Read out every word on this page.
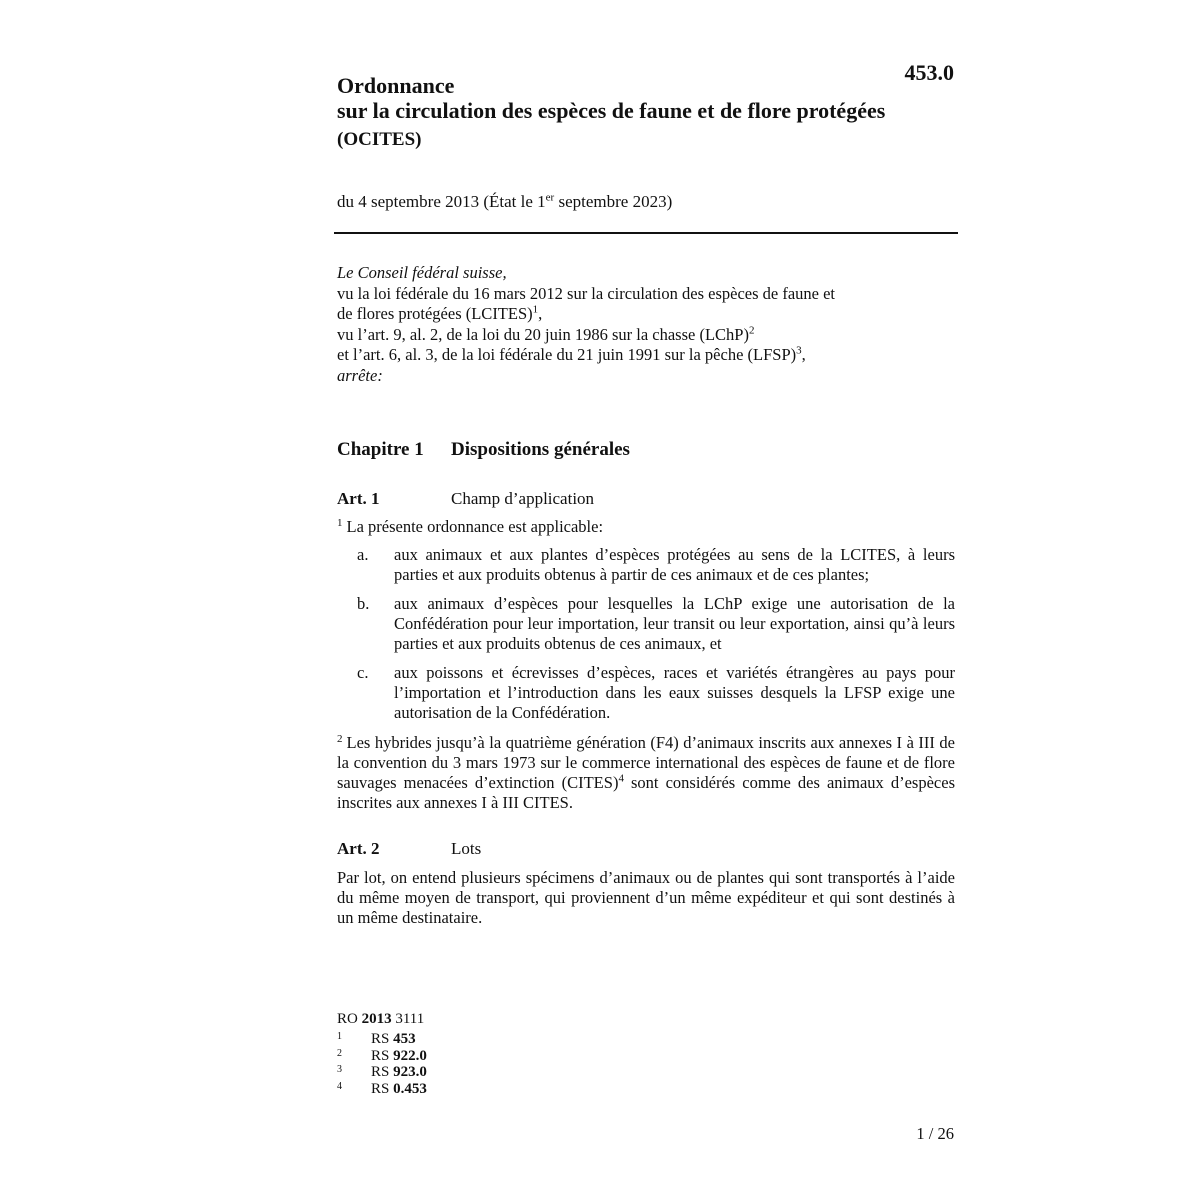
453.0
Ordonnance
sur la circulation des espèces de faune et de flore protégées
(OCITES)
du 4 septembre 2013 (État le 1er septembre 2023)
Le Conseil fédéral suisse,
vu la loi fédérale du 16 mars 2012 sur la circulation des espèces de faune et
de flores protégées (LCITES)$^1$,
vu l’art. 9, al. 2, de la loi du 20 juin 1986 sur la chasse (LChP)$^2$
et l’art. 6, al. 3, de la loi fédérale du 21 juin 1991 sur la pêche (LFSP)$^3$,
arrête:
Chapitre 1 Dispositions générales
Art. 1	Champ d’application
$^1$ La présente ordonnance est applicable:
a. aux animaux et aux plantes d’espèces protégées au sens de la LCITES, à leurs parties et aux produits obtenus à partir de ces animaux et de ces plantes;
b. aux animaux d’espèces pour lesquelles la LChP exige une autorisation de la Confédération pour leur importation, leur transit ou leur exportation, ainsi qu’à leurs parties et aux produits obtenus de ces animaux, et
c. aux poissons et écrevisses d’espèces, races et variétés étrangères au pays pour l’importation et l’introduction dans les eaux suisses desquels la LFSP exige une autorisation de la Confédération.
$^2$ Les hybrides jusqu’à la quatrième génération (F4) d’animaux inscrits aux annexes I à III de la convention du 3 mars 1973 sur le commerce international des espèces de faune et de flore sauvages menacées d’extinction (CITES)$^4$ sont considérés comme des animaux d’espèces inscrites aux annexes I à III CITES.
Art. 2	Lots
Par lot, on entend plusieurs spécimens d’animaux ou de plantes qui sont transportés à l’aide du même moyen de transport, qui proviennent d’un même expéditeur et qui sont destinés à un même destinataire.
RO 2013 3111
1 RS 453
2 RS 922.0
3 RS 923.0
4 RS 0.453
1 / 26
